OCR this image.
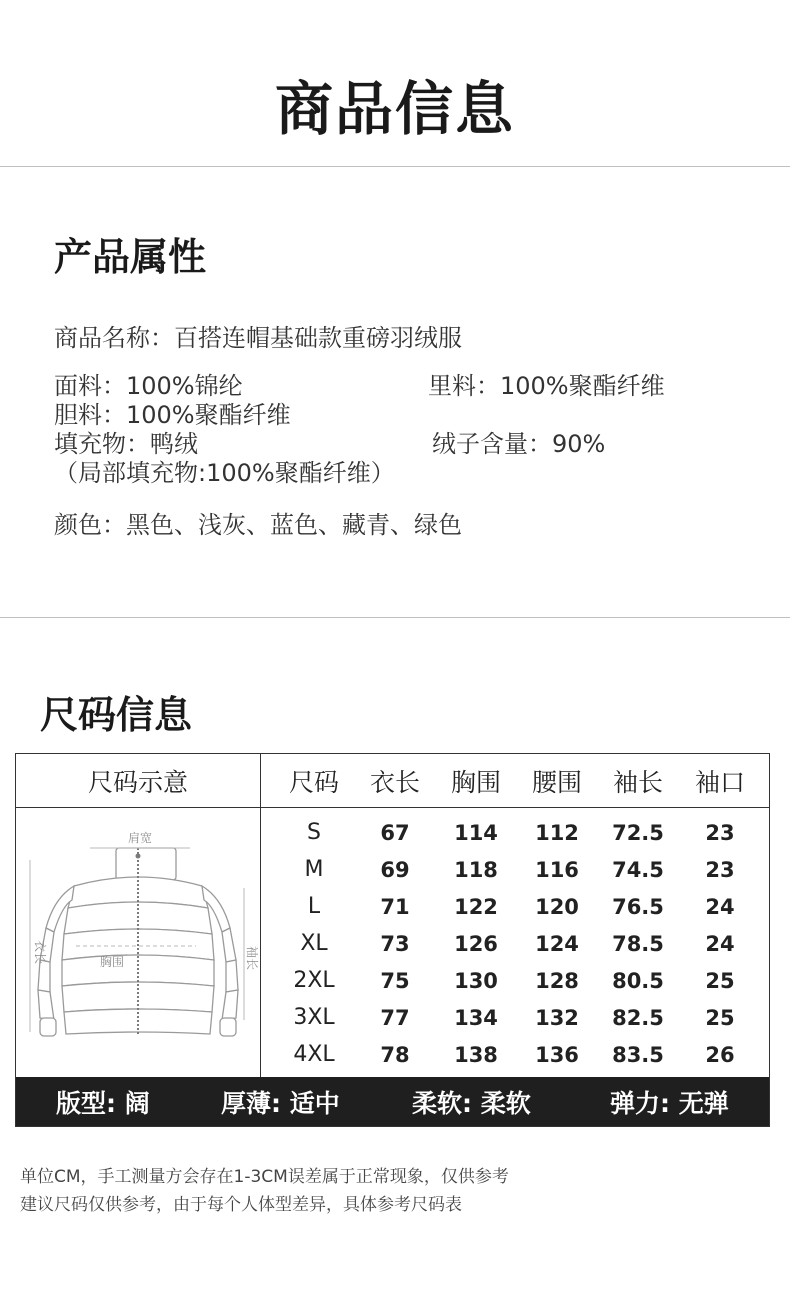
商品信息
产品属性
商品名称：百搭连帽基础款重磅羽绒服
面料：100%锦纶	里料：100%聚酯纤维
胆料：100%聚酯纤维
填充物：鸭绒	绒子含量：90%
（局部填充物:100%聚酯纤维）
颜色：黑色、浅灰、蓝色、藏青、绿色
尺码信息
尺码示意	尺码	衣长	胸围	腰围	袖长	袖口
S	67	114	112	72.5	23
M	69	118	116	74.5	23
L	71	122	120	76.5	24
XL	73	126	124	78.5	24
2XL	75	130	128	80.5	25
3XL	77	134	132	82.5	25
4XL	78	138	136	83.5	26
肩宽
胸围
衣长	袖长
版型: 阔	厚薄: 适中	柔软: 柔软	弹力: 无弹
单位CM，手工测量方会存在1-3CM误差属于正常现象，仅供参考
建议尺码仅供参考，由于每个人体型差异，具体参考尺码表
